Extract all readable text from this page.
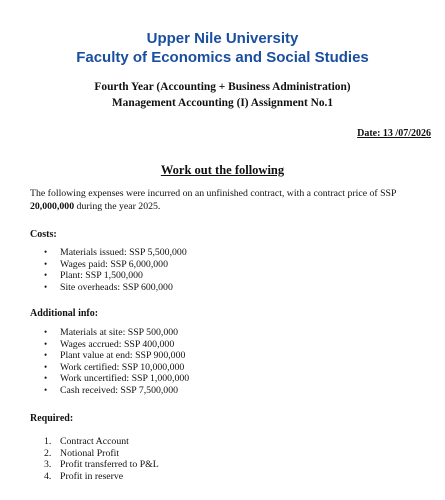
Upper Nile University
Faculty of Economics and Social Studies
Fourth Year (Accounting + Business Administration)
Management Accounting (I) Assignment No.1
Date: 13 /07/2026
Work out the following
The following expenses were incurred on an unfinished contract, with a contract price of SSP
20,000,000 during the year 2025.
Costs:
• Materials issued: SSP 5,500,000
• Wages paid: SSP 6,000,000
• Plant: SSP 1,500,000
• Site overheads: SSP 600,000
Additional info:
• Materials at site: SSP 500,000
• Wages accrued: SSP 400,000
• Plant value at end: SSP 900,000
• Work certified: SSP 10,000,000
• Work uncertified: SSP 1,000,000
• Cash received: SSP 7,500,000
Required:
1. Contract Account
2. Notional Profit
3. Profit transferred to P&L
4. Profit in reserve
